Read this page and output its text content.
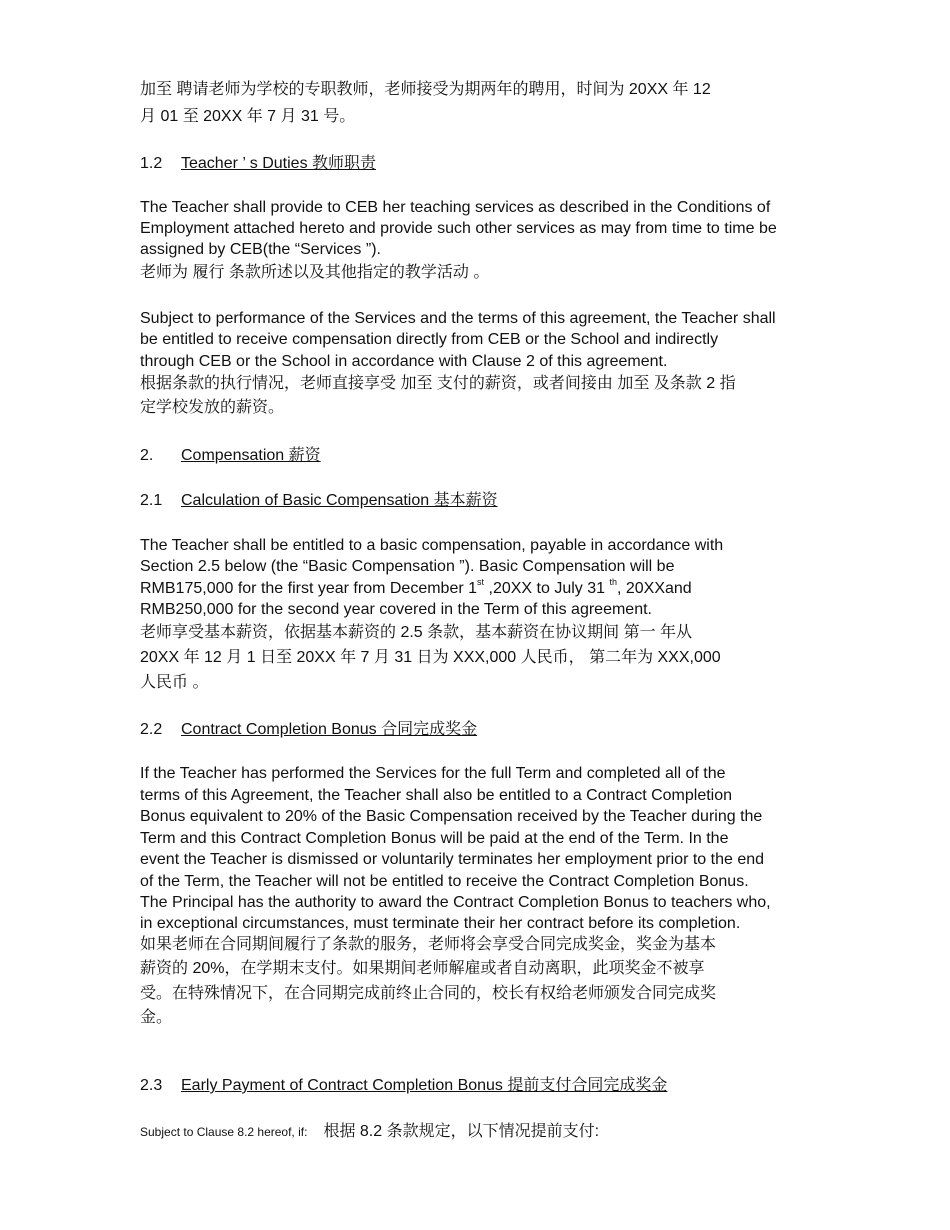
加至 聘请老师为学校的专职教师，老师接受为期两年的聘用，时间为 20XX 年 12
月 01 至 20XX 年 7 月 31 号。
1.2 Teacher ’ s Duties 教师职责
The Teacher shall provide to CEB her teaching services as described in the Conditions of
Employment attached hereto and provide such other services as may from time to time be
assigned by CEB(the “Services ”).
老师为 履行 条款所述以及其他指定的教学活动 。
Subject to performance of the Services and the terms of this agreement, the Teacher shall
be entitled to receive compensation directly from CEB or the School and indirectly
through CEB or the School in accordance with Clause 2 of this agreement.
根据条款的执行情况，老师直接享受 加至 支付的薪资，或者间接由 加至 及条款 2 指
定学校发放的薪资。
2. Compensation 薪资
2.1 Calculation of Basic Compensation 基本薪资
The Teacher shall be entitled to a basic compensation, payable in accordance with
Section 2.5 below (the “Basic Compensation ”). Basic Compensation will be
RMB175,000 for the first year from December 1st ,20XX to July 31 $^{th}$, 20XXand
RMB250,000 for the second year covered in the Term of this agreement.
老师享受基本薪资，依据基本薪资的 2.5 条款，基本薪资在协议期间 第一 年从
20XX 年 12 月 1 日至 20XX 年 7 月 31 日为 XXX,000 人民币， 第二年为 XXX,000
人民币 。
2.2 Contract Completion Bonus 合同完成奖金
If the Teacher has performed the Services for the full Term and completed all of the
terms of this Agreement, the Teacher shall also be entitled to a Contract Completion
Bonus equivalent to 20% of the Basic Compensation received by the Teacher during the
Term and this Contract Completion Bonus will be paid at the end of the Term. In the
event the Teacher is dismissed or voluntarily terminates her employment prior to the end
of the Term, the Teacher will not be entitled to receive the Contract Completion Bonus.
The Principal has the authority to award the Contract Completion Bonus to teachers who,
in exceptional circumstances, must terminate their her contract before its completion.
如果老师在合同期间履行了条款的服务，老师将会享受合同完成奖金，奖金为基本
薪资的 20%，在学期末支付。如果期间老师解雇或者自动离职，此项奖金不被享
受。在特殊情况下，在合同期完成前终止合同的，校长有权给老师颁发合同完成奖
金。
2.3 Early Payment of Contract Completion Bonus 提前支付合同完成奖金
Subject to Clause 8.2 hereof, if: 根据 8.2 条款规定，以下情况提前支付:
